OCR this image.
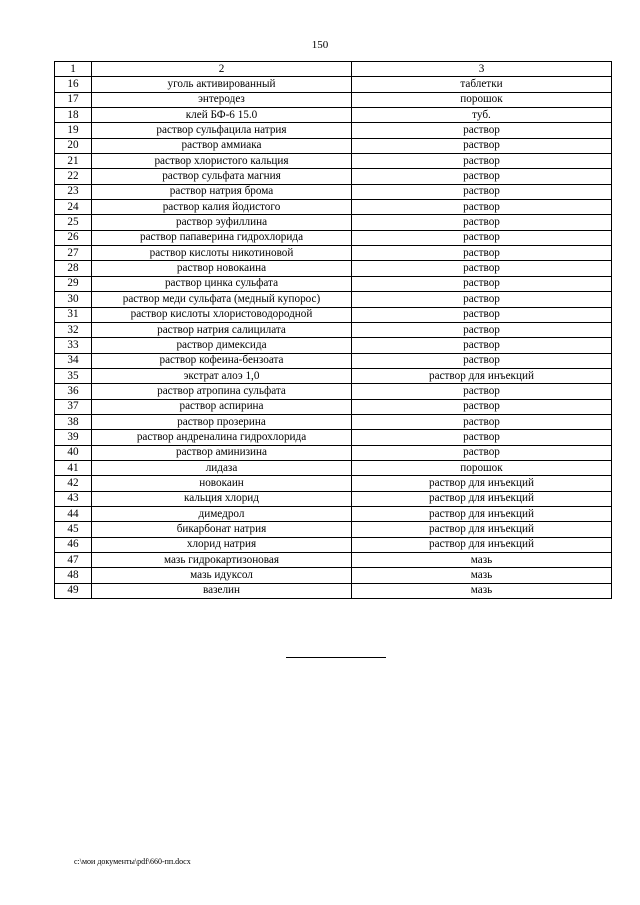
150
1	2	3
16	уголь активированный	таблетки
17	энтеродез	порошок
18	клей БФ-6 15.0	туб.
19	раствор сульфацила натрия	раствор
20	раствор аммиака	раствор
21	раствор хлористого кальция	раствор
22	раствор сульфата магния	раствор
23	раствор натрия брома	раствор
24	раствор калия йодистого	раствор
25	раствор эуфиллина	раствор
26	раствор папаверина гидрохлорида	раствор
27	раствор кислоты никотиновой	раствор
28	раствор новокаина	раствор
29	раствор цинка сульфата	раствор
30	раствор меди сульфата (медный купорос)	раствор
31	раствор кислоты хлористоводородной	раствор
32	раствор натрия салицилата	раствор
33	раствор димексида	раствор
34	раствор кофеина-бензоата	раствор
35	экстрат алоэ 1,0	раствор для инъекций
36	раствор атропина сульфата	раствор
37	раствор аспирина	раствор
38	раствор прозерина	раствор
39	раствор андреналина гидрохлорида	раствор
40	раствор аминизина	раствор
41	лидаза	порошок
42	новокаин	раствор для инъекций
43	кальция хлорид	раствор для инъекций
44	димедрол	раствор для инъекций
45	бикарбонат натрия	раствор для инъекций
46	хлорид натрия	раствор для инъекций
47	мазь гидрокартизоновая	мазь
48	мазь идуксол	мазь
49	вазелин	мазь
c:\мои документы\pdf\660-пп.docx
